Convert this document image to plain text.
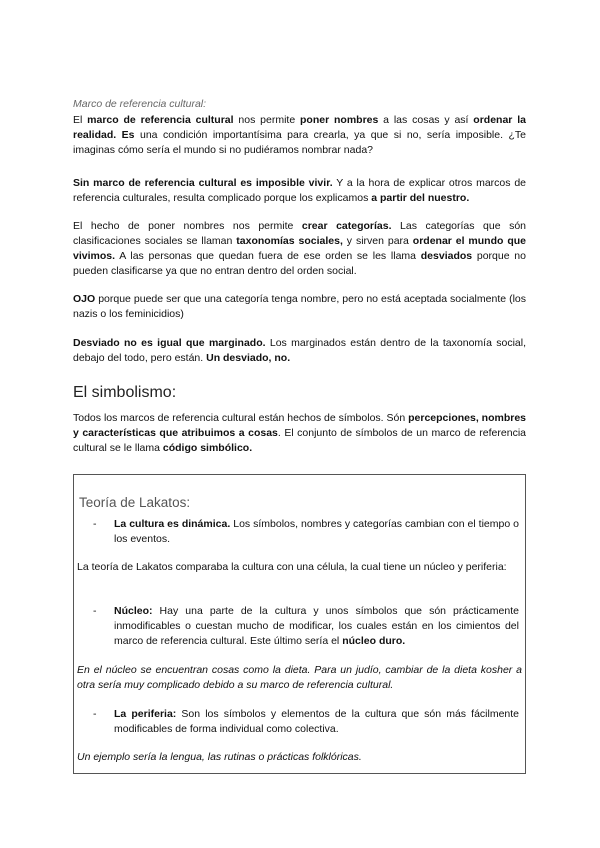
Marco de referencia cultural:

El marco de referencia cultural nos permite poner nombres a las cosas y así ordenar la realidad. Es una condición importantísima para crearla, ya que si no, sería imposible. ¿Te imaginas cómo sería el mundo si no pudiéramos nombrar nada?

Sin marco de referencia cultural es imposible vivir. Y a la hora de explicar otros marcos de referencia culturales, resulta complicado porque los explicamos a partir del nuestro.

El hecho de poner nombres nos permite crear categorías. Las categorías que són clasificaciones sociales se llaman taxonomías sociales, y sirven para ordenar el mundo que vivimos. A las personas que quedan fuera de ese orden se les llama desviados porque no pueden clasificarse ya que no entran dentro del orden social.

OJO porque puede ser que una categoría tenga nombre, pero no está aceptada socialmente (los nazis o los feminicidios)

Desviado no es igual que marginado. Los marginados están dentro de la taxonomía social, debajo del todo, pero están. Un desviado, no.

El simbolismo:

Todos los marcos de referencia cultural están hechos de símbolos. Són percepciones, nombres y características que atribuimos a cosas. El conjunto de símbolos de un marco de referencia cultural se le llama código simbólico.

Teoría de Lakatos:
- La cultura es dinámica. Los símbolos, nombres y categorías cambian con el tiempo o los eventos.

La teoría de Lakatos comparaba la cultura con una célula, la cual tiene un núcleo y periferia:

- Núcleo: Hay una parte de la cultura y unos símbolos que són prácticamente inmodificables o cuestan mucho de modificar, los cuales están en los cimientos del marco de referencia cultural. Este último sería el núcleo duro.

En el núcleo se encuentran cosas como la dieta. Para un judío, cambiar de la dieta kosher a otra sería muy complicado debido a su marco de referencia cultural.

- La periferia: Son los símbolos y elementos de la cultura que són más fácilmente modificables de forma individual como colectiva.

Un ejemplo sería la lengua, las rutinas o prácticas folklóricas.
